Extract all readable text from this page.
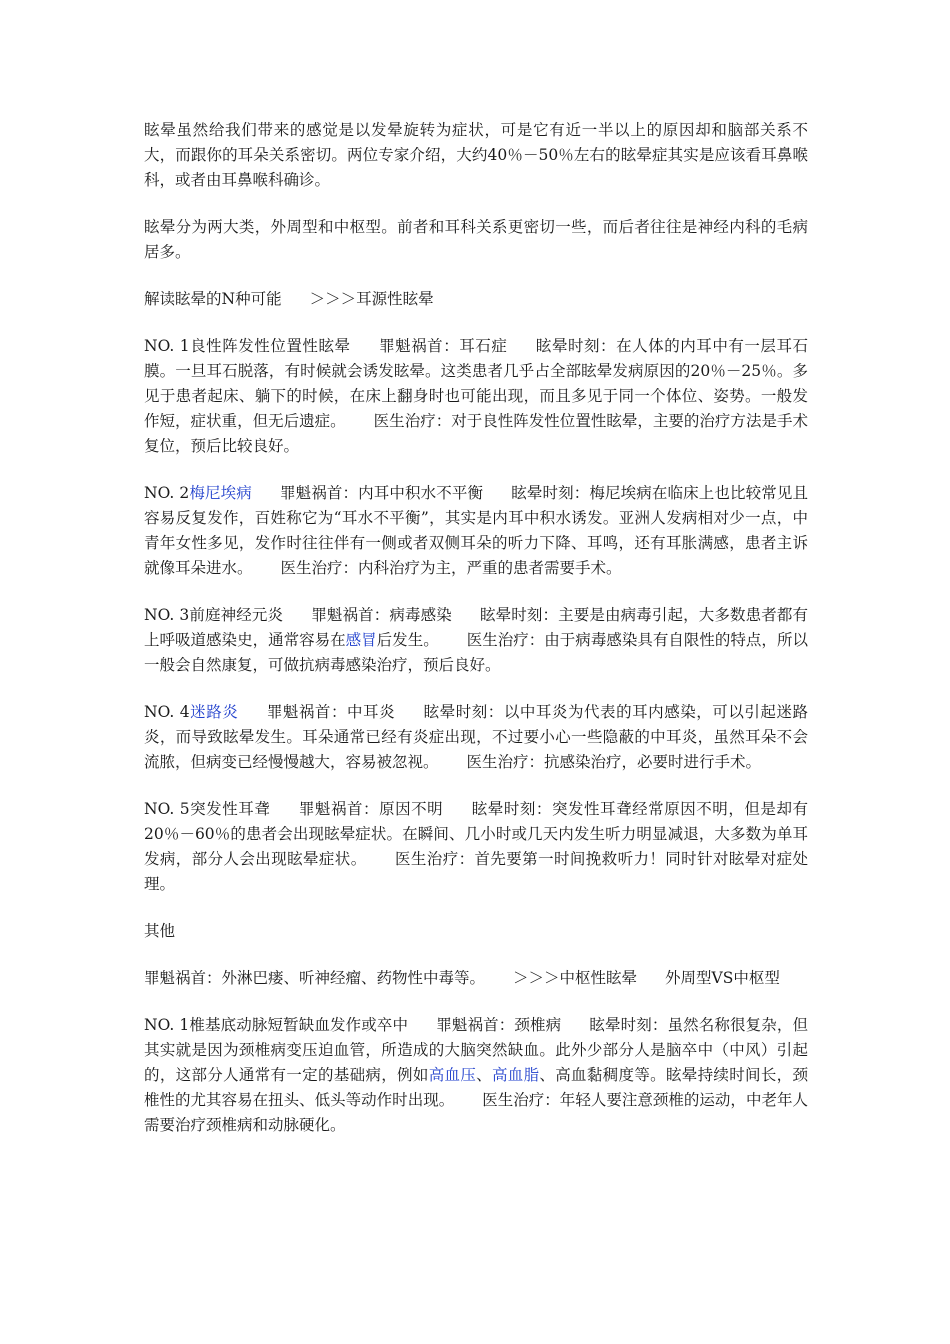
眩晕虽然给我们带来的感觉是以发晕旋转为症状，可是它有近一半以上的原因却和脑部关系不大，而跟你的耳朵关系密切。两位专家介绍，大约40％－50％左右的眩晕症其实是应该看耳鼻喉科，或者由耳鼻喉科确诊。

眩晕分为两大类，外周型和中枢型。前者和耳科关系更密切一些，而后者往往是神经内科的毛病居多。

解读眩晕的N种可能 ＞＞＞耳源性眩晕

NO. 1良性阵发性位置性眩晕 罪魁祸首：耳石症 眩晕时刻：在人体的内耳中有一层耳石膜。一旦耳石脱落，有时候就会诱发眩晕。这类患者几乎占全部眩晕发病原因的20％－25％。多见于患者起床、躺下的时候，在床上翻身时也可能出现，而且多见于同一个体位、姿势。一般发作短，症状重，但无后遗症。 医生治疗：对于良性阵发性位置性眩晕，主要的治疗方法是手术复位，预后比较良好。

NO. 2梅尼埃病 罪魁祸首：内耳中积水不平衡 眩晕时刻：梅尼埃病在临床上也比较常见且容易反复发作，百姓称它为“耳水不平衡”，其实是内耳中积水诱发。亚洲人发病相对少一点，中青年女性多见，发作时往往伴有一侧或者双侧耳朵的听力下降、耳鸣，还有耳胀满感，患者主诉就像耳朵进水。 医生治疗：内科治疗为主，严重的患者需要手术。

NO. 3前庭神经元炎 罪魁祸首：病毒感染 眩晕时刻：主要是由病毒引起，大多数患者都有上呼吸道感染史，通常容易在感冒后发生。 医生治疗：由于病毒感染具有自限性的特点，所以一般会自然康复，可做抗病毒感染治疗，预后良好。

NO. 4迷路炎 罪魁祸首：中耳炎 眩晕时刻：以中耳炎为代表的耳内感染，可以引起迷路炎，而导致眩晕发生。耳朵通常已经有炎症出现，不过要小心一些隐蔽的中耳炎，虽然耳朵不会流脓，但病变已经慢慢越大，容易被忽视。 医生治疗：抗感染治疗，必要时进行手术。

NO. 5突发性耳聋 罪魁祸首：原因不明 眩晕时刻：突发性耳聋经常原因不明，但是却有20％－60％的患者会出现眩晕症状。在瞬间、几小时或几天内发生听力明显减退，大多数为单耳发病，部分人会出现眩晕症状。 医生治疗：首先要第一时间挽救听力！同时针对眩晕对症处理。

其他

罪魁祸首：外淋巴瘘、听神经瘤、药物性中毒等。 ＞＞＞中枢性眩晕 外周型VS中枢型

NO. 1椎基底动脉短暂缺血发作或卒中 罪魁祸首：颈椎病 眩晕时刻：虽然名称很复杂，但其实就是因为颈椎病变压迫血管，所造成的大脑突然缺血。此外少部分人是脑卒中（中风）引起的，这部分人通常有一定的基础病，例如高血压、高血脂、高血黏稠度等。眩晕持续时间长，颈椎性的尤其容易在扭头、低头等动作时出现。 医生治疗：年轻人要注意颈椎的运动，中老年人需要治疗颈椎病和动脉硬化。
